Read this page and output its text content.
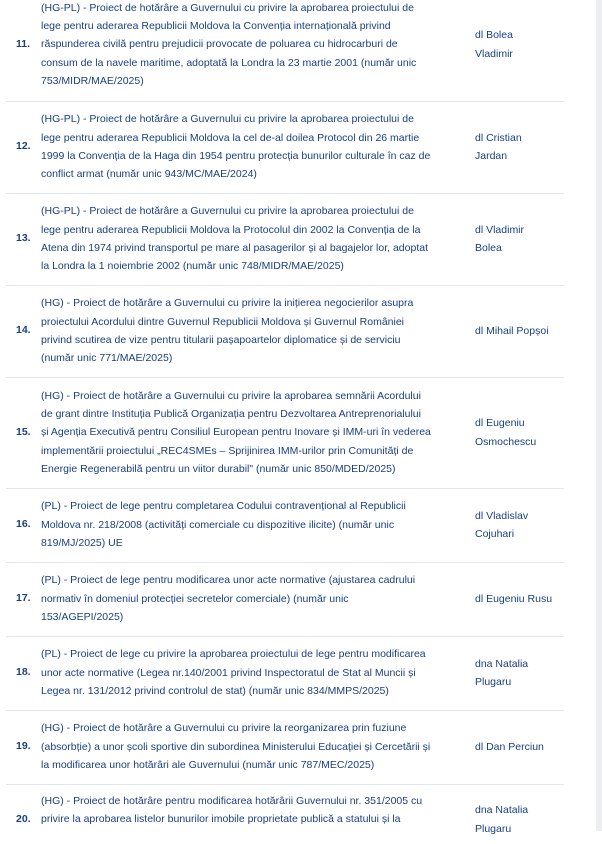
11.
(HG-PL) - Proiect de hotărâre a Guvernului cu privire la aprobarea proiectului de
lege pentru aderarea Republicii Moldova la Convenția internațională privind
răspunderea civilă pentru prejudicii provocate de poluarea cu hidrocarburi de
consum de la navele maritime, adoptată la Londra la 23 martie 2001 (număr unic
753/MIDR/MAE/2025)
dl Bolea
Vladimir
12.
(HG-PL) - Proiect de hotărâre a Guvernului cu privire la aprobarea proiectului de
lege pentru aderarea Republicii Moldova la cel de-al doilea Protocol din 26 martie
1999 la Convenția de la Haga din 1954 pentru protecția bunurilor culturale în caz de
conflict armat (număr unic 943/MC/MAE/2024)
dl Cristian
Jardan
13.
(HG-PL) - Proiect de hotărâre a Guvernului cu privire la aprobarea proiectului de
lege pentru aderarea Republicii Moldova la Protocolul din 2002 la Convenția de la
Atena din 1974 privind transportul pe mare al pasagerilor și al bagajelor lor, adoptat
la Londra la 1 noiembrie 2002 (număr unic 748/MIDR/MAE/2025)
dl Vladimir
Bolea
14.
(HG) - Proiect de hotărâre a Guvernului cu privire la inițierea negocierilor asupra
proiectului Acordului dintre Guvernul Republicii Moldova și Guvernul României
privind scutirea de vize pentru titularii pașapoartelor diplomatice și de serviciu
(număr unic 771/MAE/2025)
dl Mihail Popșoi
15.
(HG) - Proiect de hotărâre a Guvernului cu privire la aprobarea semnării Acordului
de grant dintre Instituția Publică Organizația pentru Dezvoltarea Antreprenorialului
și Agenția Executivă pentru Consiliul European pentru Inovare și IMM-uri în vederea
implementării proiectului „REC4SMEs – Sprijinirea IMM-urilor prin Comunități de
Energie Regenerabilă pentru un viitor durabil" (număr unic 850/MDED/2025)
dl Eugeniu
Osmochescu
16.
(PL) - Proiect de lege pentru completarea Codului contravențional al Republicii
Moldova nr. 218/2008 (activități comerciale cu dispozitive ilicite) (număr unic
819/MJ/2025) UE
dl Vladislav
Cojuhari
17.
(PL) - Proiect de lege pentru modificarea unor acte normative (ajustarea cadrului
normativ în domeniul protecției secretelor comerciale) (număr unic
153/AGEPI/2025)
dl Eugeniu Rusu
18.
(PL) - Proiect de lege cu privire la aprobarea proiectului de lege pentru modificarea
unor acte normative (Legea nr.140/2001 privind Inspectoratul de Stat al Muncii și
Legea nr. 131/2012 privind controlul de stat) (număr unic 834/MMPS/2025)
dna Natalia
Plugaru
19.
(HG) - Proiect de hotărâre a Guvernului cu privire la reorganizarea prin fuziune
(absorbție) a unor școli sportive din subordinea Ministerului Educației și Cercetării și
la modificarea unor hotărâri ale Guvernului (număr unic 787/MEC/2025)
dl Dan Perciun
20.
(HG) - Proiect de hotărâre pentru modificarea hotărârii Guvernului nr. 351/2005 cu
privire la aprobarea listelor bunurilor imobile proprietate publică a statului și la
dna Natalia
Plugaru
